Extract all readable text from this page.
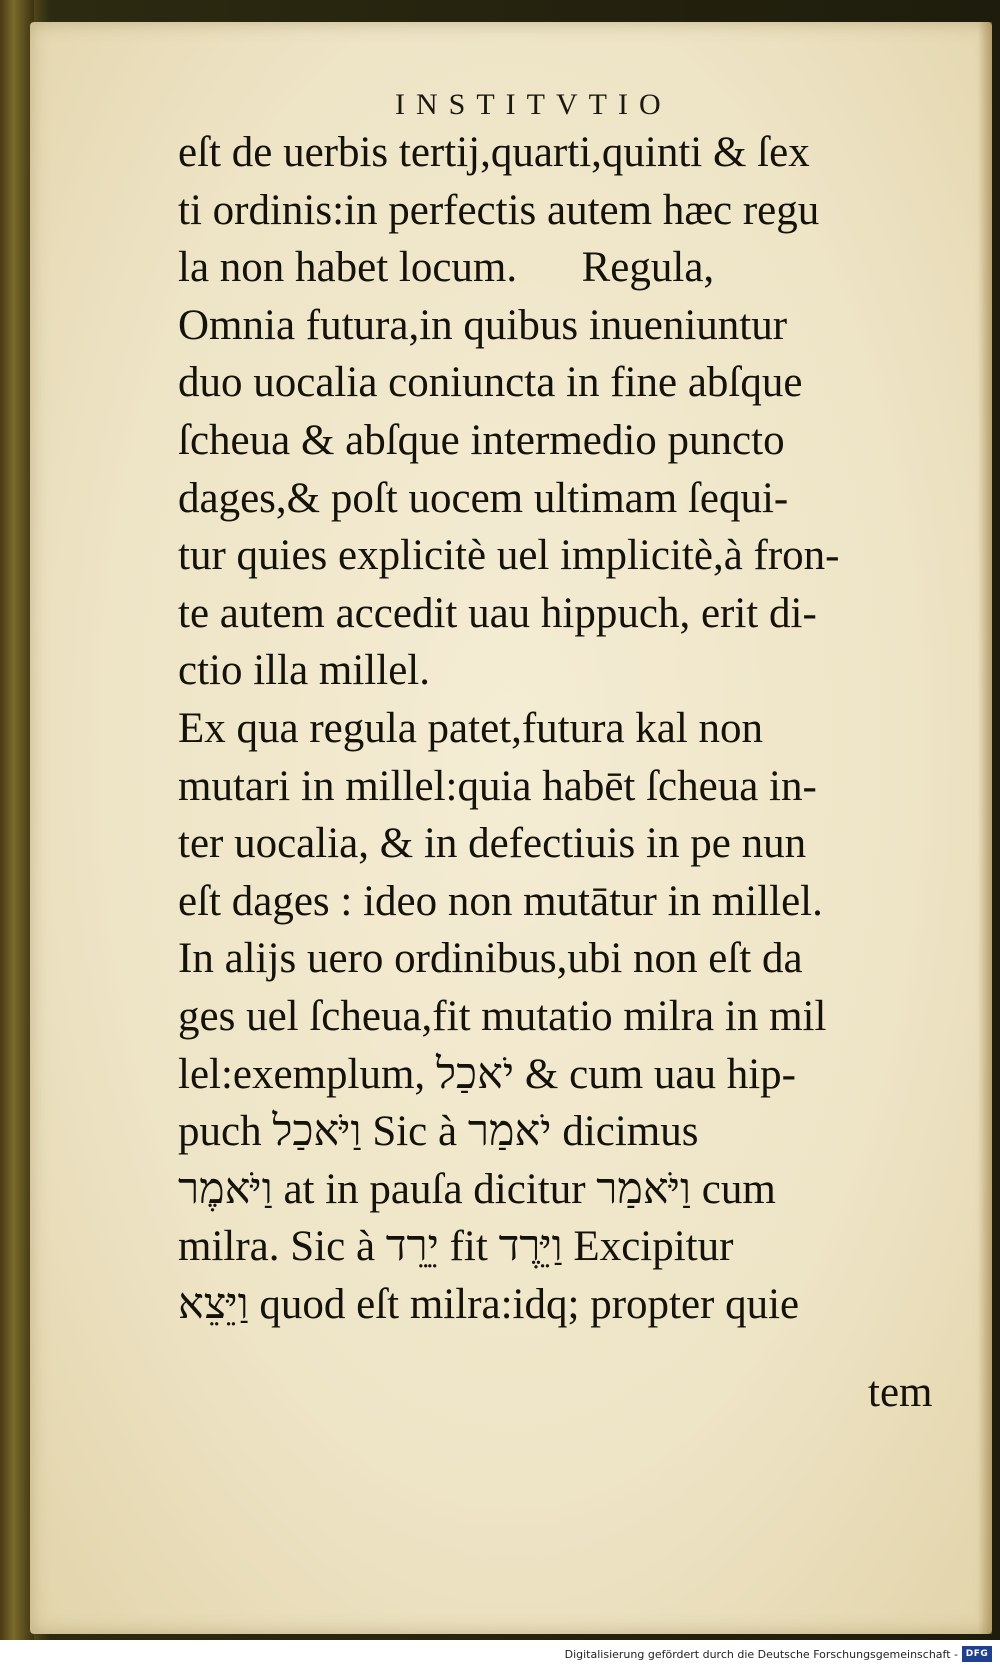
INSTITVTIO
eſt de uerbis tertij,quarti,quinti & ſex
ti ordinis:in perfectis autem hæc regu
la non habet locum.      Regula,
Omnia futura,in quibus inueniuntur
duo uocalia coniuncta in fine abſque
ſcheua & abſque intermedio puncto
dages,& poſt uocem ultimam ſequi-
tur quies explicitè uel implicitè,à fron-
te autem accedit uau hippuch, erit di-
ctio illa millel.
Ex qua regula patet,futura kal non
mutari in millel:quia habēt ſcheua in-
ter uocalia, & in defectiuis in pe nun
eſt dages : ideo non mutātur in millel.
In alijs uero ordinibus,ubi non eſt da
ges uel ſcheua,fit mutatio milra in mil
lel:exemplum, יֹאכַל & cum uau hip-
puch וַיֹּאכַל Sic à יֹאמַר dicimus
וַיֹּאמֶר at in pauſa dicitur וַיֹּאמַר cum
milra. Sic à יֵרֵד fit וַיֵּרֶד Excipitur
וַיֵּצֵא quod eſt milra:idq; propter quie
tem
Digitalisierung gefördert durch die Deutsche Forschungsgemeinschaft - DFG
